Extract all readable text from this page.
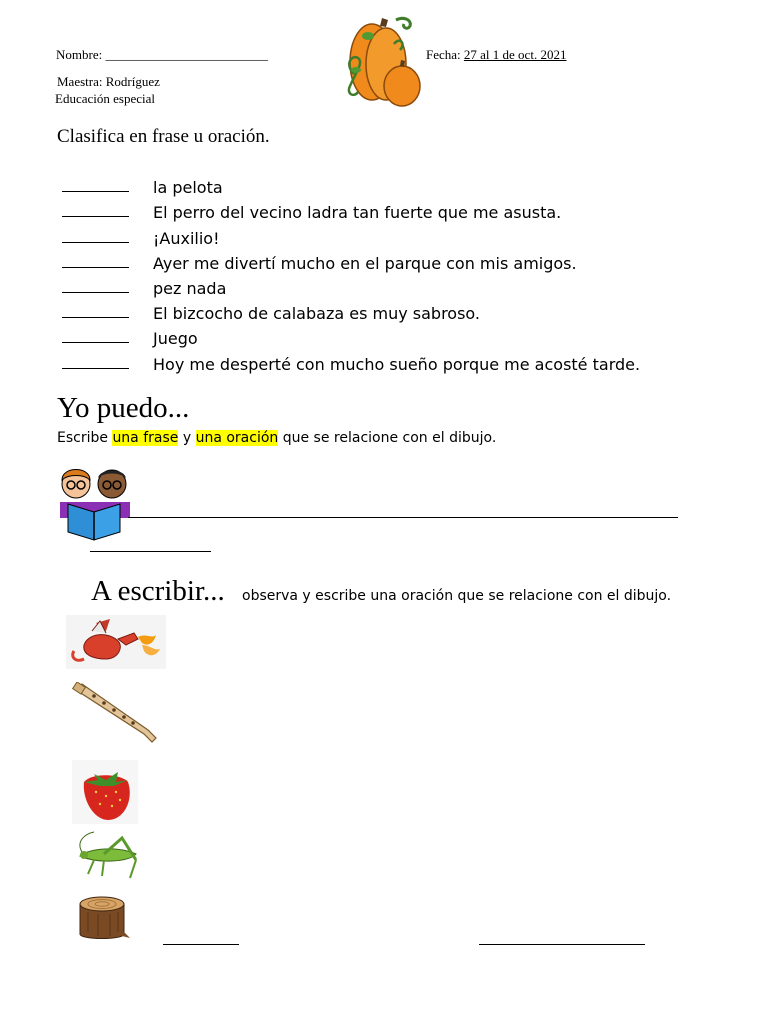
Nombre: _________________________	Fecha: 27 al 1 de oct. 2021
Maestra: Rodríguez
Educación especial
Clasifica en frase u oración.
la pelota
El perro del vecino ladra tan fuerte que me asusta.
¡Auxilio!
Ayer me divertí mucho en el parque con mis amigos.
pez nada
El bizcocho de calabaza es muy sabroso.
Juego
Hoy me desperté con mucho sueño porque me acosté tarde.
Yo puedo...
Escribe una frase y una oración que se relacione con el dibujo.
A escribir... observa y escribe una oración que se relacione con el dibujo.
